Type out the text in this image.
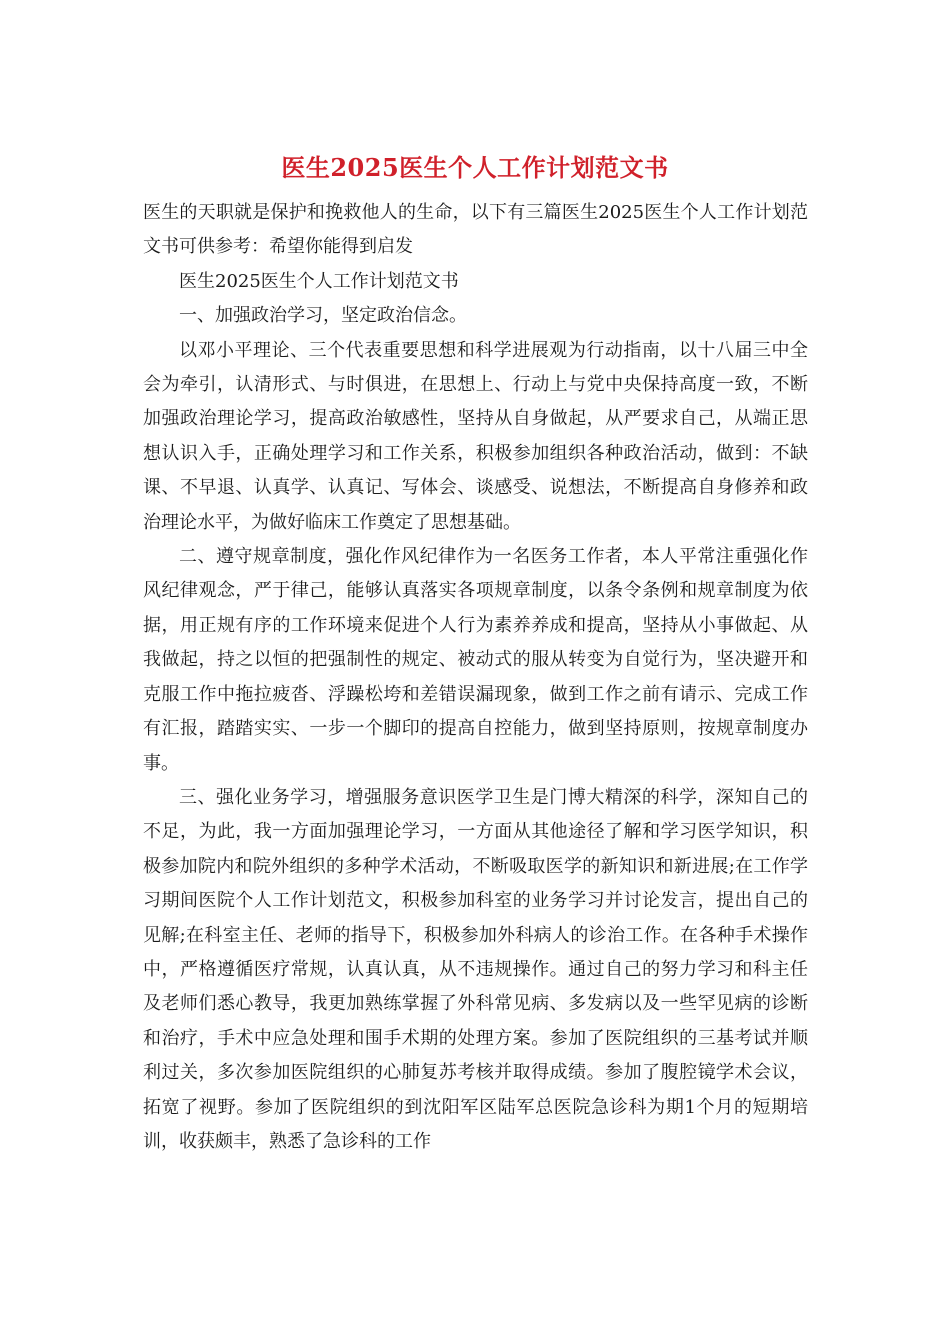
医生2025医生个人工作计划范文书

医生的天职就是保护和挽救他人的生命，以下有三篇医生2025医生个人工作计划范文书可供参考：希望你能得到启发

医生2025医生个人工作计划范文书

一、加强政治学习，坚定政治信念。

以邓小平理论、三个代表重要思想和科学进展观为行动指南，以十八届三中全会为牵引，认清形式、与时俱进，在思想上、行动上与党中央保持高度一致，不断加强政治理论学习，提高政治敏感性，坚持从自身做起，从严要求自己，从端正思想认识入手，正确处理学习和工作关系，积极参加组织各种政治活动，做到：不缺课、不早退、认真学、认真记、写体会、谈感受、说想法，不断提高自身修养和政治理论水平，为做好临床工作奠定了思想基础。

二、遵守规章制度，强化作风纪律作为一名医务工作者，本人平常注重强化作风纪律观念，严于律己，能够认真落实各项规章制度，以条令条例和规章制度为依据，用正规有序的工作环境来促进个人行为素养养成和提高，坚持从小事做起、从我做起，持之以恒的把强制性的规定、被动式的服从转变为自觉行为，坚决避开和克服工作中拖拉疲沓、浮躁松垮和差错误漏现象，做到工作之前有请示、完成工作有汇报，踏踏实实、一步一个脚印的提高自控能力，做到坚持原则，按规章制度办事。

三、强化业务学习，增强服务意识医学卫生是门博大精深的科学，深知自己的不足，为此，我一方面加强理论学习，一方面从其他途径了解和学习医学知识，积极参加院内和院外组织的多种学术活动，不断吸取医学的新知识和新进展;在工作学习期间医院个人工作计划范文，积极参加科室的业务学习并讨论发言，提出自己的见解;在科室主任、老师的指导下，积极参加外科病人的诊治工作。在各种手术操作中，严格遵循医疗常规，认真认真，从不违规操作。通过自己的努力学习和科主任及老师们悉心教导，我更加熟练掌握了外科常见病、多发病以及一些罕见病的诊断和治疗，手术中应急处理和围手术期的处理方案。参加了医院组织的三基考试并顺利过关，多次参加医院组织的心肺复苏考核并取得成绩。参加了腹腔镜学术会议，拓宽了视野。参加了医院组织的到沈阳军区陆军总医院急诊科为期1个月的短期培训，收获颇丰，熟悉了急诊科的工作
